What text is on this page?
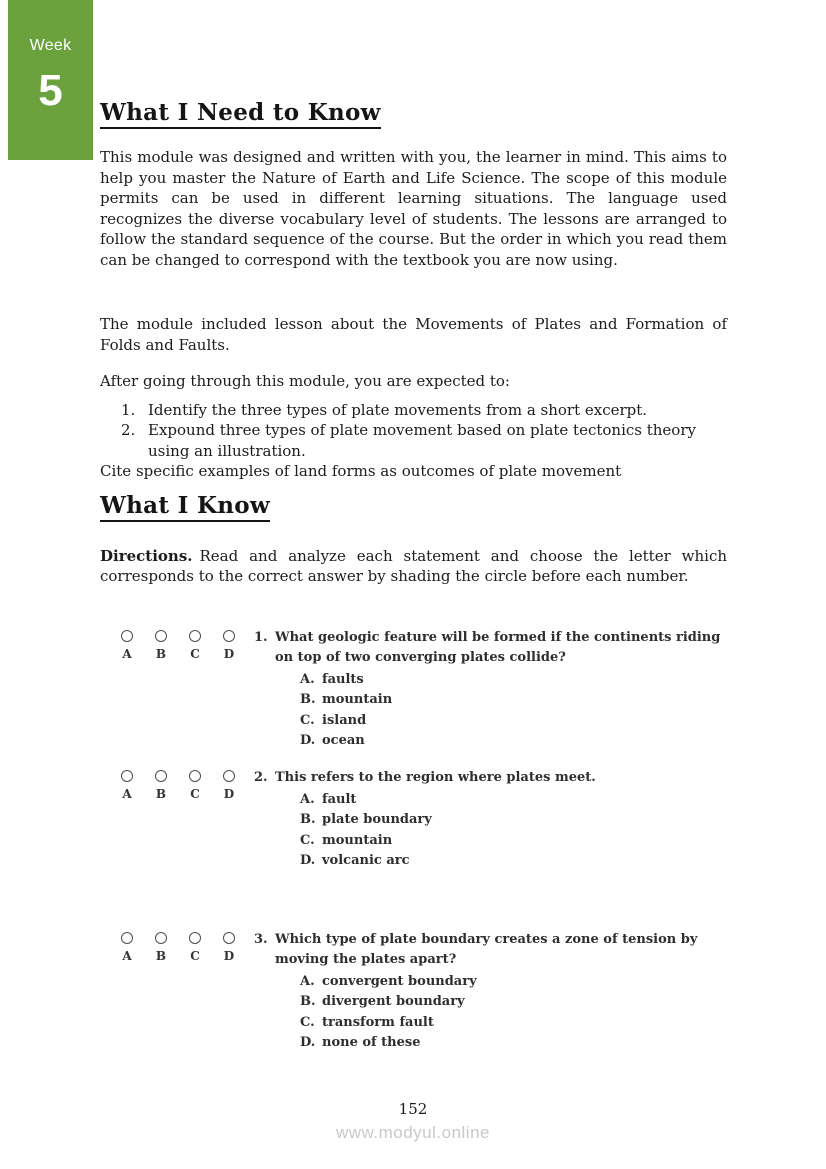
Week
5	What I Need to Know

This module was designed and written with you, the learner in mind. This aims to help you master the Nature of Earth and Life Science. The scope of this module permits can be used in different learning situations. The language used recognizes the diverse vocabulary level of students. The lessons are arranged to follow the standard sequence of the course. But the order in which you read them can be changed to correspond with the textbook you are now using.

The module included lesson about the Movements of Plates and Formation of Folds and Faults.

After going through this module, you are expected to:

1. Identify the three types of plate movements from a short excerpt.
2. Expound three types of plate movement based on plate tectonics theory using an illustration.

Cite specific examples of land forms as outcomes of plate movement

What I Know

Directions. Read and analyze each statement and choose the letter which corresponds to the correct answer by shading the circle before each number.

A B C D
1. What geologic feature will be formed if the continents riding on top of two converging plates collide?
A. faults
B. mountain
C. island
D. ocean
A B C D
2. This refers to the region where plates meet.
A. fault
B. plate boundary
C. mountain
D. volcanic arc
A B C D
3. Which type of plate boundary creates a zone of tension by moving the plates apart?
A. convergent boundary
B. divergent boundary
C. transform fault
D. none of these
152
www.modyul.online
